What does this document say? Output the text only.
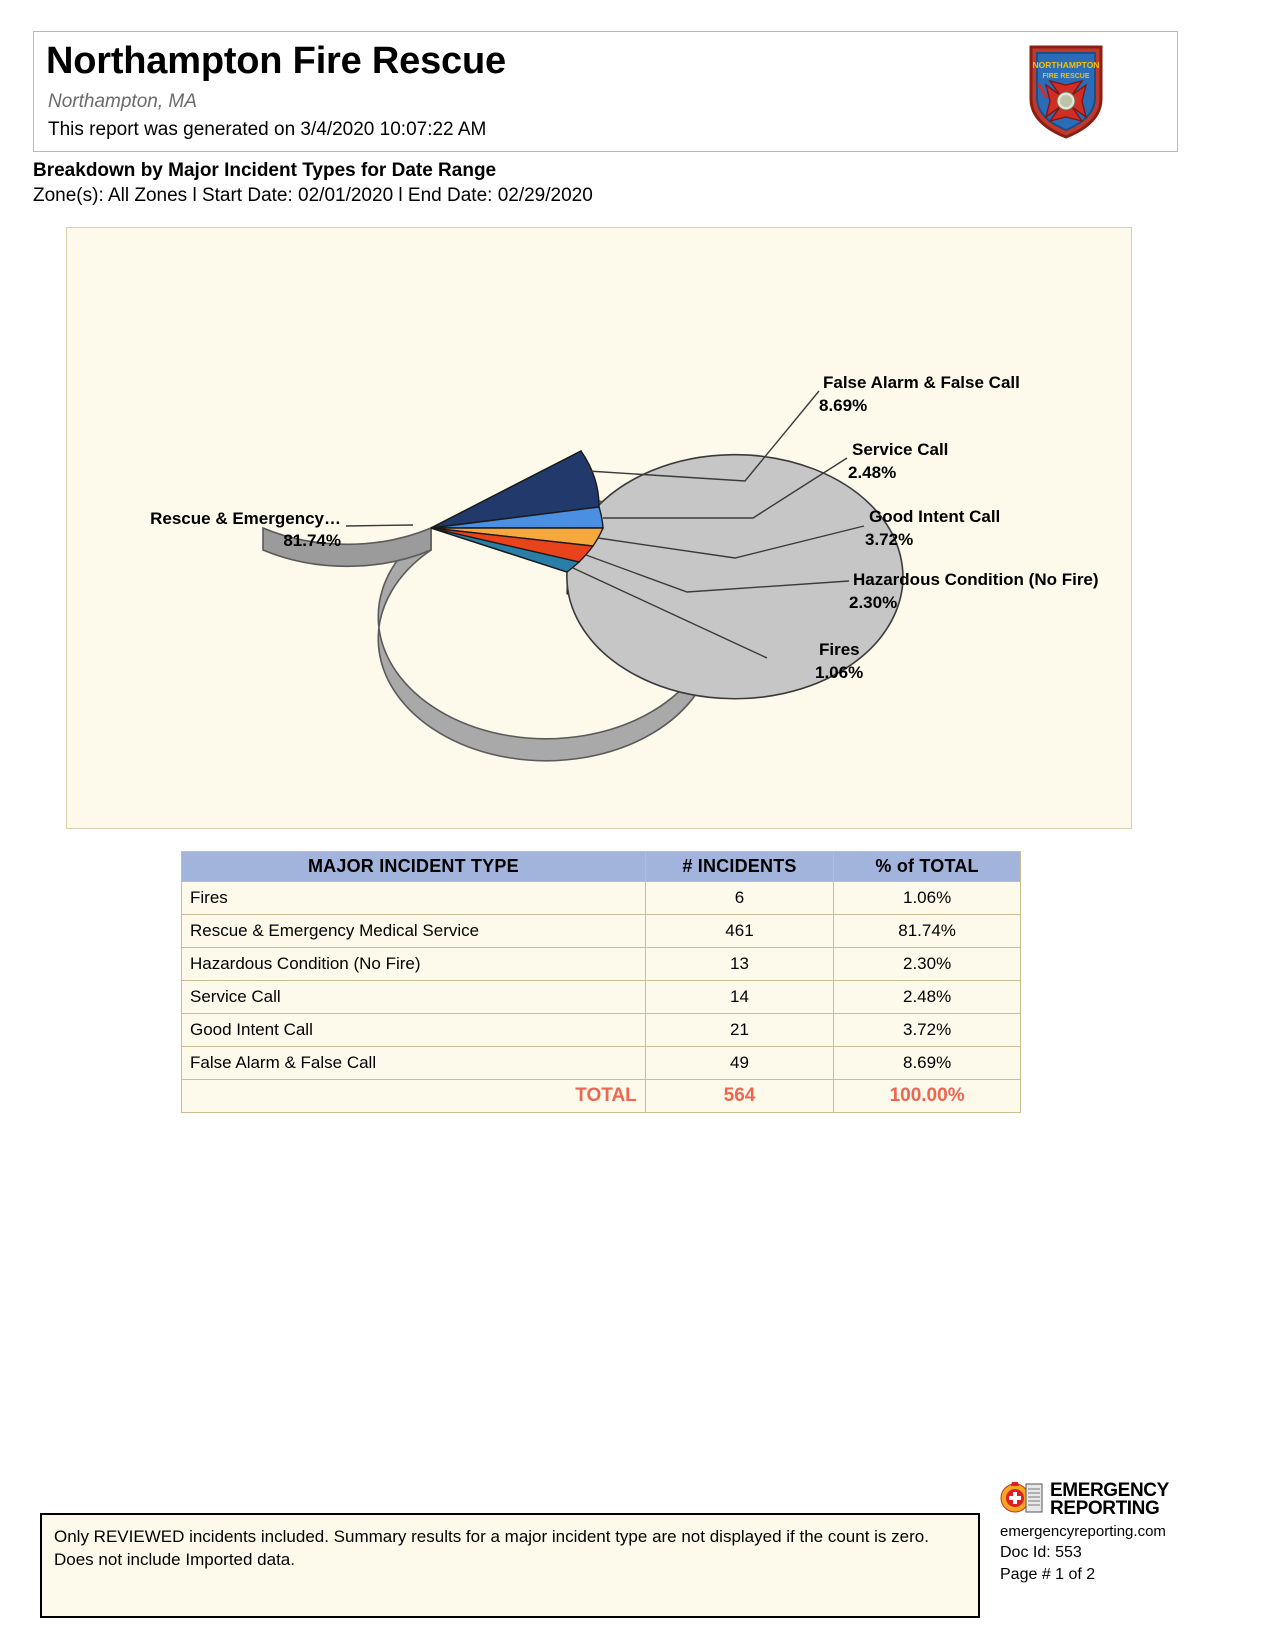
Northampton Fire Rescue
Northampton, MA
This report was generated on 3/4/2020 10:07:22 AM
NORTHAMPTON
FIRE RESCUE
Breakdown by Major Incident Types for Date Range
Zone(s): All Zones l Start Date: 02/01/2020 l End Date: 02/29/2020
Rescue & Emergency…
81.74%
False Alarm & False Call
8.69%
Service Call
2.48%
Good Intent Call
3.72%
Hazardous Condition (No Fire)
2.30%
Fires
1.06%
MAJOR INCIDENT TYPE	# INCIDENTS	% of TOTAL
Fires	6	1.06%
Rescue & Emergency Medical Service	461	81.74%
Hazardous Condition (No Fire)	13	2.30%
Service Call	14	2.48%
Good Intent Call	21	3.72%
False Alarm & False Call	49	8.69%
TOTAL	564	100.00%
Only REVIEWED incidents included. Summary results for a major incident type are not displayed if the count is zero.
Does not include Imported data.
EMERGENCY
REPORTING
emergencyreporting.com
Doc Id: 553
Page # 1 of 2
